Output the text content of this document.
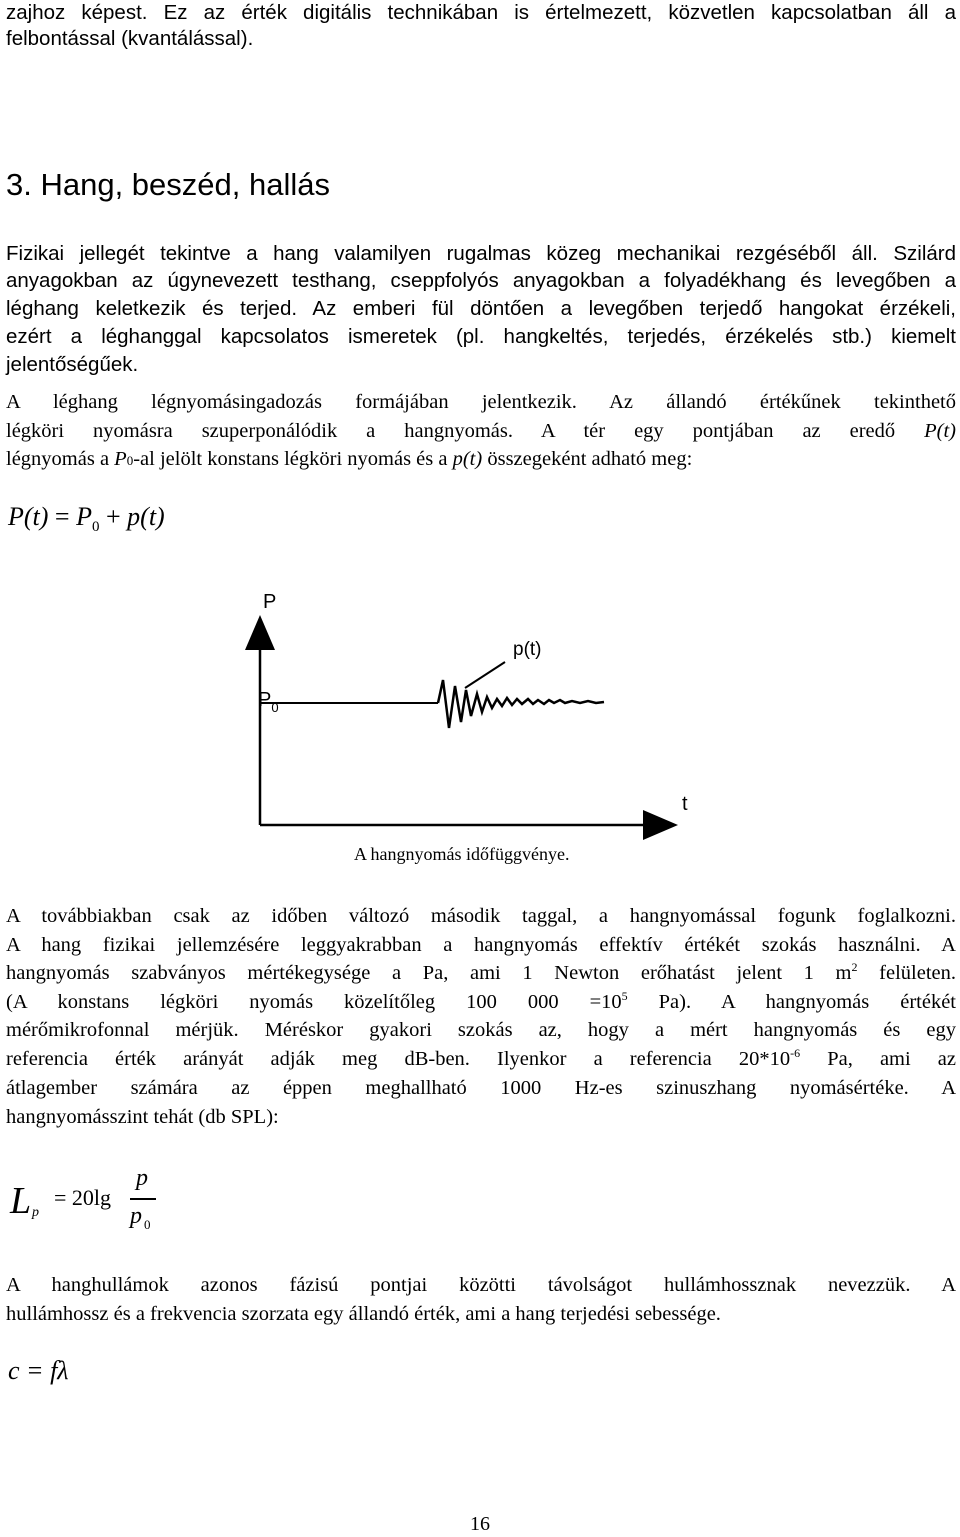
zajhoz képest. Ez az érték digitális technikában is értelmezett, közvetlen kapcsolatban áll a
felbontással (kvantálással).
3. Hang, beszéd, hallás
Fizikai jellegét tekintve a hang valamilyen rugalmas közeg mechanikai rezgéséből áll. Szilárd
anyagokban az úgynevezett testhang, cseppfolyós anyagokban a folyadékhang és levegőben a
léghang keletkezik és terjed. Az emberi fül döntően a levegőben terjedő hangokat érzékeli,
ezért a léghanggal kapcsolatos ismeretek (pl. hangkeltés, terjedés, érzékelés stb.) kiemelt
jelentőségűek.
A léghang légnyomásingadozás formájában jelentkezik. Az állandó értékűnek tekinthető
légköri nyomásra szuperponálódik a hangnyomás. A tér egy pontjában az eredő P(t)
légnyomás a P0-al jelölt konstans légköri nyomás és a p(t) összegeként adható meg:
$P(t) = P_0 + p(t)$
P
$P_0$
p(t)
t
A hangnyomás időfüggvénye.
A továbbiakban csak az időben változó második taggal, a hangnyomással fogunk foglalkozni.
A hang fizikai jellemzésére leggyakrabban a hangnyomás effektív értékét szokás használni. A
hangnyomás szabványos mértékegysége a Pa, ami 1 Newton erőhatást jelent 1 $m^2$ felületen.
(A konstans légköri nyomás közelítőleg 100 $000 =10^5$ Pa). A hangnyomás értékét
mérőmikrofonnal mérjük. Méréskor gyakori szokás az, hogy a mért hangnyomás és egy
referencia érték arányát adják meg dB-ben. Ilyenkor a referencia $20*10^{-6}$ Pa, ami az
átlagember számára az éppen meghallható 1000 Hz-es szinuszhang nyomásértéke. A
hangnyomásszint tehát (db SPL):
L p
= 20lg
p
p 0
A hanghullámok azonos fázisú pontjai közötti távolságot hullámhossznak nevezzük. A
hullámhossz és a frekvencia szorzata egy állandó érték, ami a hang terjedési sebessége.
c = fλ
16
